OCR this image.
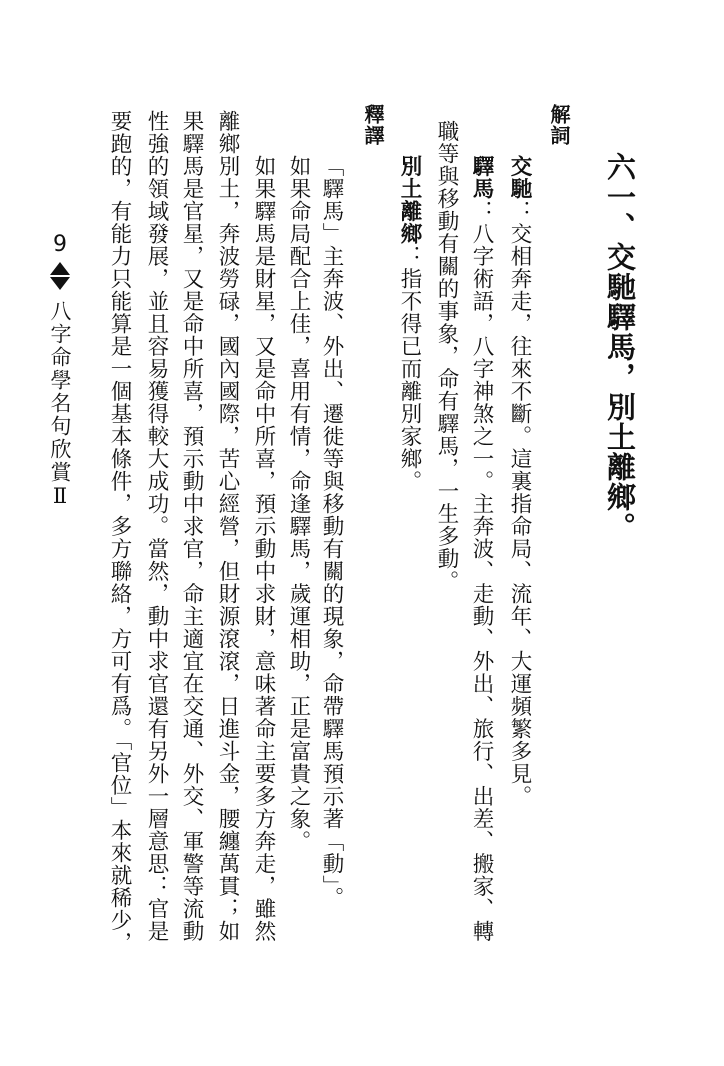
六一、交馳驛馬，別土離鄉。
解詞
交馳：交相奔走，往來不斷。這裏指命局、流年、大運頻繁多見。
驛馬：八字術語，八字神煞之一。主奔波、走動、外出、旅行、出差、搬家、轉
職等與移動有關的事象，命有驛馬，一生多動。
別土離鄉：指不得已而離別家鄉。
釋譯
「驛馬」主奔波、外出、遷徙等與移動有關的現象，命帶驛馬預示著「動」。
如果命局配合上佳，喜用有情，命逢驛馬，歲運相助，正是富貴之象。
如果驛馬是財星，又是命中所喜，預示動中求財，意味著命主要多方奔走，雖然
離鄉別土，奔波勞碌，國內國際，苦心經營，但財源滾滾，日進斗金，腰纏萬貫；如
果驛馬是官星，又是命中所喜，預示動中求官，命主適宜在交通、外交、軍警等流動
性強的領域發展，並且容易獲得較大成功。當然，動中求官還有另外一層意思：官是
要跑的，有能力只能算是一個基本條件，多方聯絡，方可有爲。「官位」本來就稀少，
9
八字命學名句欣賞Ⅱ
